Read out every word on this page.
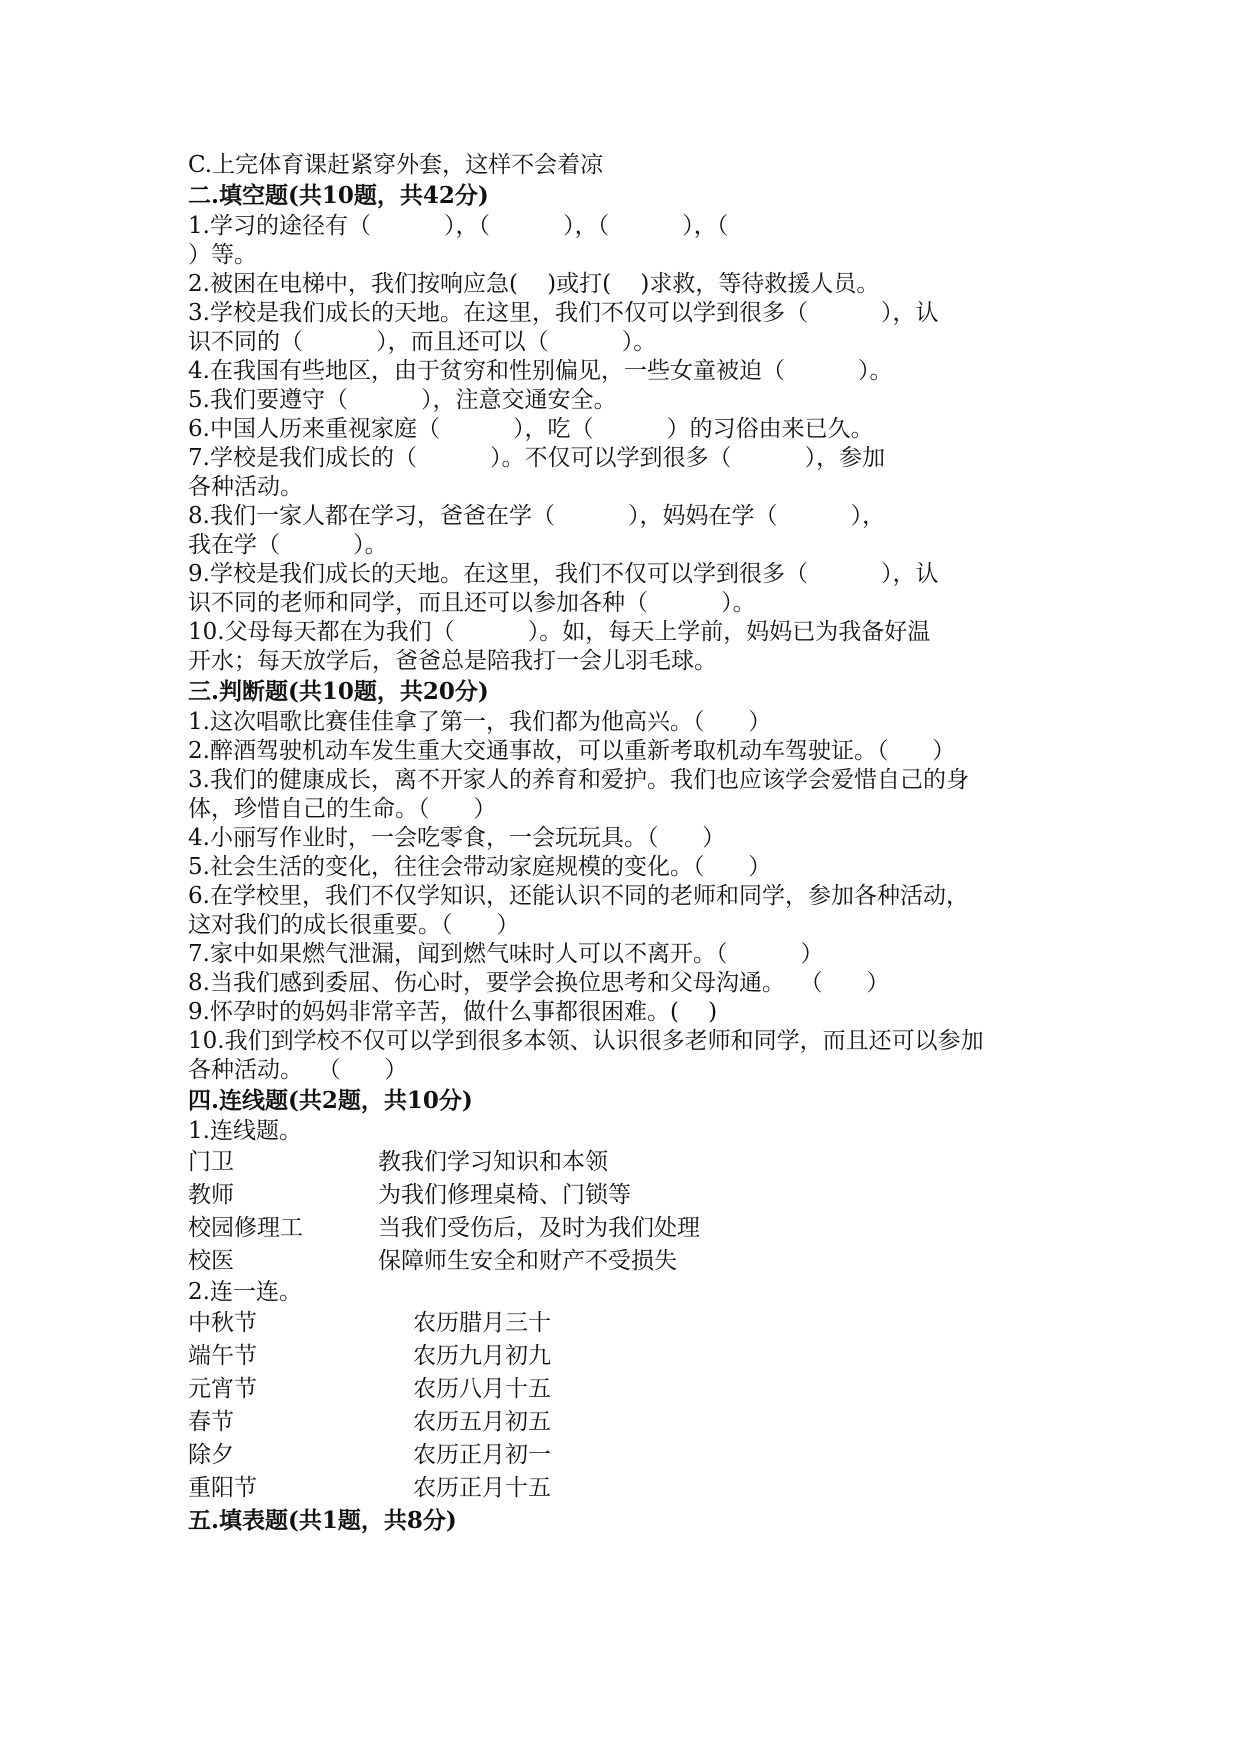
C.上完体育课赶紧穿外套，这样不会着凉
二.填空题(共10题，共42分)
1.学习的途径有（          ），（          ），（          ），（
）等。
2.被困在电梯中，我们按响应急(    )或打(    )求救，等待救援人员。
3.学校是我们成长的天地。在这里，我们不仅可以学到很多（          ），认
识不同的（          ），而且还可以（          ）。
4.在我国有些地区，由于贫穷和性别偏见，一些女童被迫（          ）。
5.我们要遵守（          ），注意交通安全。
6.中国人历来重视家庭（          ），吃（          ）的习俗由来已久。
7.学校是我们成长的（          ）。不仅可以学到很多（          ），参加
各种活动。
8.我们一家人都在学习，爸爸在学（          ），妈妈在学（          ），
我在学（          ）。
9.学校是我们成长的天地。在这里，我们不仅可以学到很多（          ），认
识不同的老师和同学，而且还可以参加各种（          ）。
10.父母每天都在为我们（          ）。如，每天上学前，妈妈已为我备好温
开水；每天放学后，爸爸总是陪我打一会儿羽毛球。
三.判断题(共10题，共20分)
1.这次唱歌比赛佳佳拿了第一，我们都为他高兴。（      ）
2.醉酒驾驶机动车发生重大交通事故，可以重新考取机动车驾驶证。（      ）
3.我们的健康成长，离不开家人的养育和爱护。我们也应该学会爱惜自己的身
体，珍惜自己的生命。（      ）
4.小丽写作业时，一会吃零食，一会玩玩具。（      ）
5.社会生活的变化，往往会带动家庭规模的变化。（      ）
6.在学校里，我们不仅学知识，还能认识不同的老师和同学，参加各种活动，
这对我们的成长很重要。（      ）
7.家中如果燃气泄漏，闻到燃气味时人可以不离开。（          ）
8.当我们感到委屈、伤心时，要学会换位思考和父母沟通。  （      ）
9.怀孕时的妈妈非常辛苦，做什么事都很困难。(    )
10.我们到学校不仅可以学到很多本领、认识很多老师和同学，而且还可以参加
各种活动。  （      ）
四.连线题(共2题，共10分)
1.连线题。
门卫	教我们学习知识和本领
教师	为我们修理桌椅、门锁等
校园修理工	当我们受伤后，及时为我们处理
校医	保障师生安全和财产不受损失
2.连一连。
中秋节	农历腊月三十
端午节	农历九月初九
元宵节	农历八月十五
春节	农历五月初五
除夕	农历正月初一
重阳节	农历正月十五
五.填表题(共1题，共8分)
